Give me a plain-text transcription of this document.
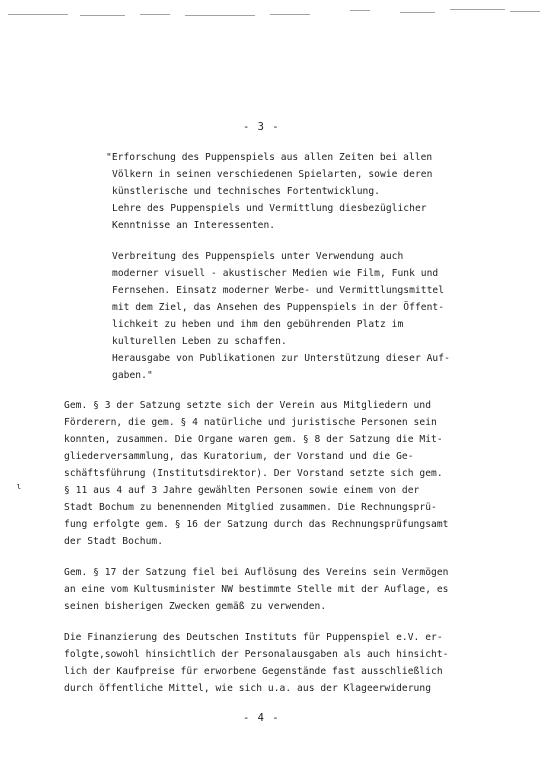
- 3 -
"Erforschung des Puppenspiels aus allen Zeiten bei allen
Völkern in seinen verschiedenen Spielarten, sowie deren
künstlerische und technisches Fortentwicklung.
Lehre des Puppenspiels und Vermittlung diesbezüglicher
Kenntnisse an Interessenten.
Verbreitung des Puppenspiels unter Verwendung auch
moderner visuell - akustischer Medien wie Film, Funk und
Fernsehen. Einsatz moderner Werbe- und Vermittlungsmittel
mit dem Ziel, das Ansehen des Puppenspiels in der Öffent-
lichkeit zu heben und ihm den gebührenden Platz im
kulturellen Leben zu schaffen.
Herausgabe von Publikationen zur Unterstützung dieser Auf-
gaben."
Gem. § 3 der Satzung setzte sich der Verein aus Mitgliedern und
Förderern, die gem. § 4 natürliche und juristische Personen sein
konnten, zusammen. Die Organe waren gem. § 8 der Satzung die Mit-
gliederversammlung, das Kuratorium, der Vorstand und die Ge-
schäftsführung (Institutsdirektor). Der Vorstand setzte sich gem.
§ 11 aus 4 auf 3 Jahre gewählten Personen sowie einem von der
Stadt Bochum zu benennenden Mitglied zusammen. Die Rechnungsprü-
fung erfolgte gem. § 16 der Satzung durch das Rechnungsprüfungsamt
der Stadt Bochum.
Gem. § 17 der Satzung fiel bei Auflösung des Vereins sein Vermögen
an eine vom Kultusminister NW bestimmte Stelle mit der Auflage, es
seinen bisherigen Zwecken gemäß zu verwenden.
Die Finanzierung des Deutschen Instituts für Puppenspiel e.V. er-
folgte,sowohl hinsichtlich der Personalausgaben als auch hinsicht-
lich der Kaufpreise für erworbene Gegenstände fast ausschließlich
durch öffentliche Mittel, wie sich u.a. aus der Klageerwiderung
ɩ
- 4 -
